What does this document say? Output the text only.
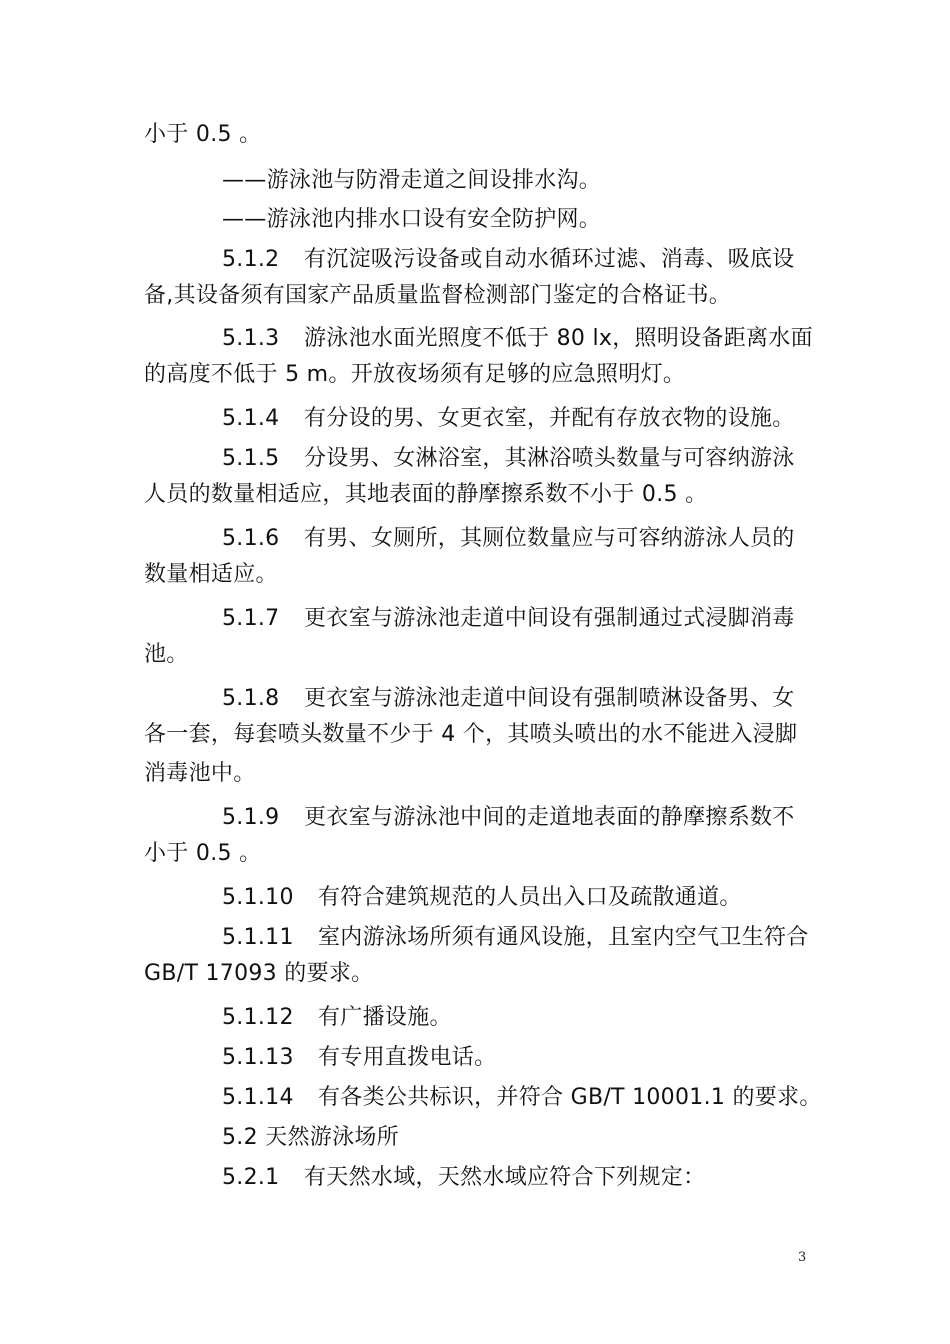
小于 0.5 。
——游泳池与防滑走道之间设排水沟。
——游泳池内排水口设有安全防护网。
5.1.2 有沉淀吸污设备或自动水循环过滤、消毒、吸底设
备,其设备须有国家产品质量监督检测部门鉴定的合格证书。
5.1.3 游泳池水面光照度不低于 80 lx，照明设备距离水面
的高度不低于 5 m。开放夜场须有足够的应急照明灯。
5.1.4 有分设的男、女更衣室，并配有存放衣物的设施。
5.1.5 分设男、女淋浴室，其淋浴喷头数量与可容纳游泳
人员的数量相适应，其地表面的静摩擦系数不小于 0.5 。
5.1.6 有男、女厕所，其厕位数量应与可容纳游泳人员的
数量相适应。
5.1.7 更衣室与游泳池走道中间设有强制通过式浸脚消毒
池。
5.1.8 更衣室与游泳池走道中间设有强制喷淋设备男、女
各一套，每套喷头数量不少于 4 个，其喷头喷出的水不能进入浸脚
消毒池中。
5.1.9 更衣室与游泳池中间的走道地表面的静摩擦系数不
小于 0.5 。
5.1.10 有符合建筑规范的人员出入口及疏散通道。
5.1.11 室内游泳场所须有通风设施，且室内空气卫生符合
GB/T 17093 的要求。
5.1.12 有广播设施。
5.1.13 有专用直拨电话。
5.1.14 有各类公共标识，并符合 GB/T 10001.1 的要求。
5.2 天然游泳场所
5.2.1 有天然水域，天然水域应符合下列规定：
3
